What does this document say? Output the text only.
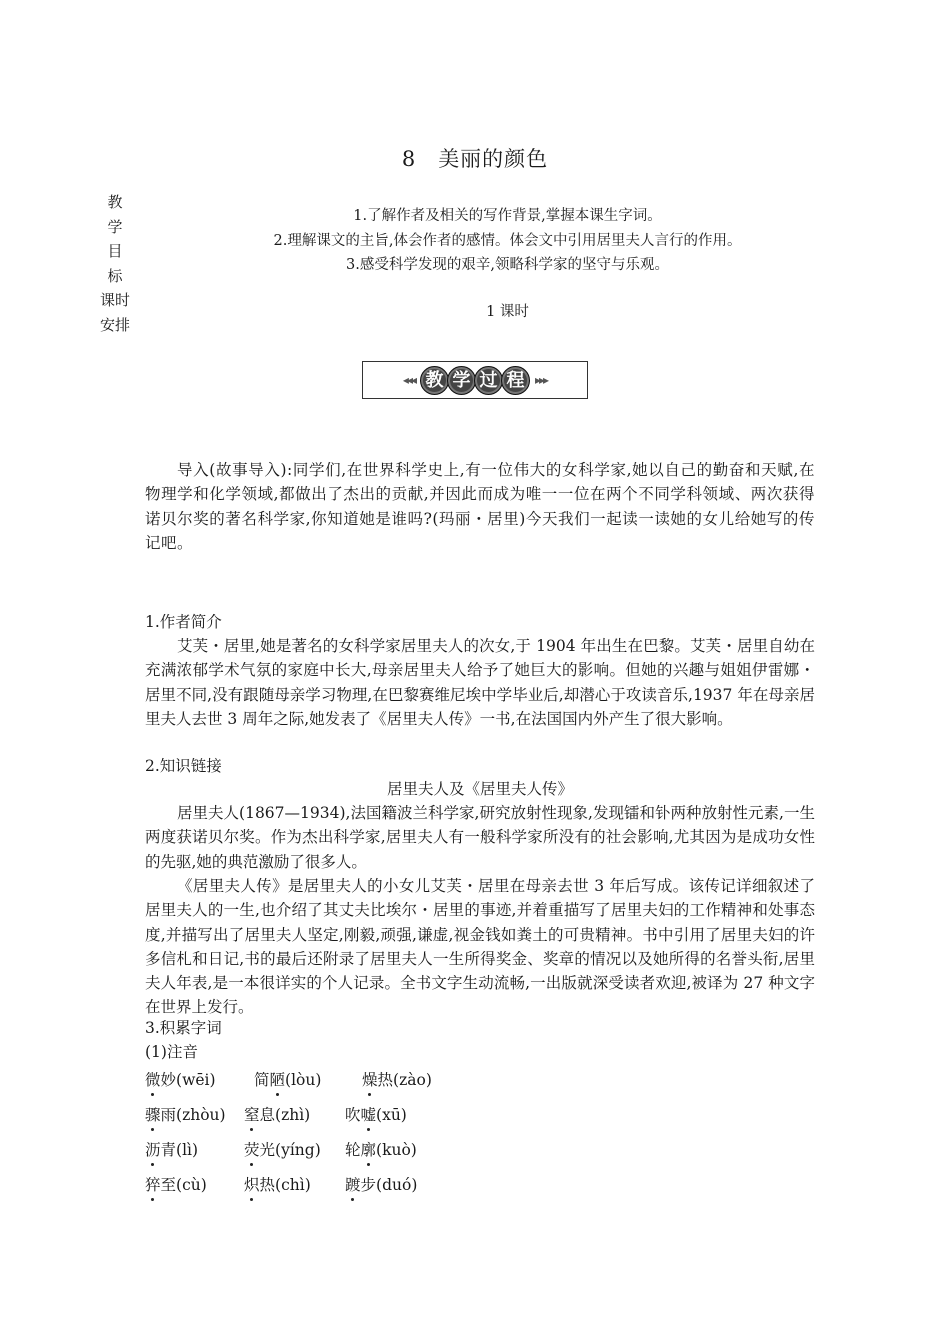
8 美丽的颜色
教
学
目
标
课时
安排
1.了解作者及相关的写作背景,掌握本课生字词。
2.理解课文的主旨,体会作者的感情。体会文中引用居里夫人言行的作用。
3.感受科学发现的艰辛,领略科学家的坚守与乐观。
1 课时
◂◂◂ 教 学 过 程 ▸▸▸
导入(故事导入):同学们,在世界科学史上,有一位伟大的女科学家,她以自己的勤奋和天赋,在物理学和化学领域,都做出了杰出的贡献,并因此而成为唯一一位在两个不同学科领域、两次获得诺贝尔奖的著名科学家,你知道她是谁吗?(玛丽・居里)今天我们一起读一读她的女儿给她写的传记吧。
1.作者简介
艾芙・居里,她是著名的女科学家居里夫人的次女,于 1904 年出生在巴黎。艾芙・居里自幼在充满浓郁学术气氛的家庭中长大,母亲居里夫人给予了她巨大的影响。但她的兴趣与姐姐伊雷娜・居里不同,没有跟随母亲学习物理,在巴黎赛维尼埃中学毕业后,却潜心于攻读音乐,1937 年在母亲居里夫人去世 3 周年之际,她发表了《居里夫人传》一书,在法国国内外产生了很大影响。
2.知识链接
居里夫人及《居里夫人传》
居里夫人(1867—1934),法国籍波兰科学家,研究放射性现象,发现镭和钋两种放射性元素,一生两度获诺贝尔奖。作为杰出科学家,居里夫人有一般科学家所没有的社会影响,尤其因为是成功女性的先驱,她的典范激励了很多人。
《居里夫人传》是居里夫人的小女儿艾芙・居里在母亲去世 3 年后写成。该传记详细叙述了居里夫人的一生,也介绍了其丈夫比埃尔・居里的事迹,并着重描写了居里夫妇的工作精神和处事态度,并描写出了居里夫人坚定,刚毅,顽强,谦虚,视金钱如粪土的可贵精神。书中引用了居里夫妇的许多信札和日记,书的最后还附录了居里夫人一生所得奖金、奖章的情况以及她所得的名誉头衔,居里夫人年表,是一本很详实的个人记录。全书文字生动流畅,一出版就深受读者欢迎,被译为 27 种文字在世界上发行。
3.积累字词
(1)注音
微妙(wēi) 简陋(lòu)	燥热(zào)
骤雨(zhòu) 窒息(zhì) 吹嘘(xū)
沥青(lì)	荧光(yíng) 轮廓(kuò)
猝至(cù) 炽热(chì) 踱步(duó)
